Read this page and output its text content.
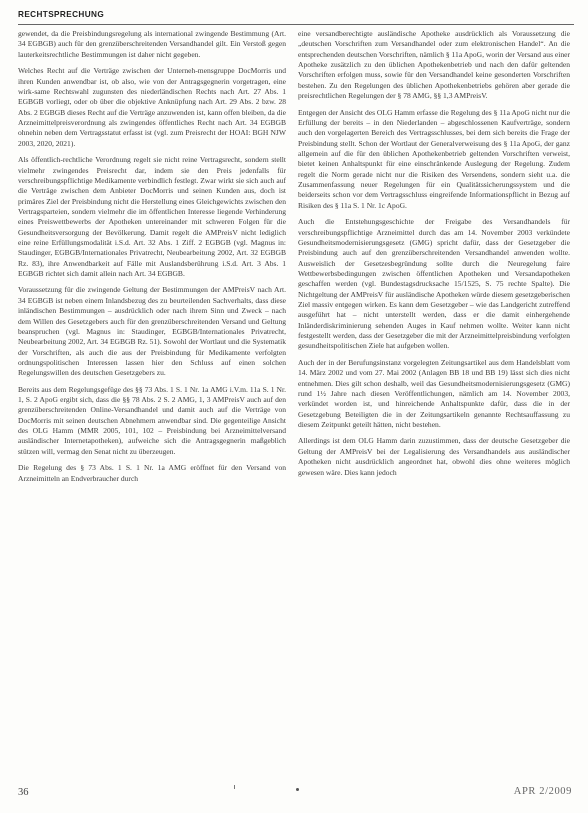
RECHTSPRECHUNG

gewendet, da die Preisbindungsregelung als international zwingende Bestimmung (Art. 34 EGBGB) auch für den grenzüberschreitenden Versandhandel gilt. Ein Verstoß gegen lauterkeitsrechtliche Bestimmungen ist daher nicht gegeben.

Welches Recht auf die Verträge zwischen der Unterneh-mensgruppe DocMorris und ihren Kunden anwendbar ist, ob also, wie von der Antragsgegnerin vorgetragen, eine wirk-same Rechtswahl zugunsten des niederländischen Rechts nach Art. 27 Abs. 1 EGBGB vorliegt, oder ob über die objektive Anknüpfung nach Art. 29 Abs. 2 bzw. 28 Abs. 2 EGBGB dieses Recht auf die Verträge anzuwenden ist, kann offen bleiben, da die Arzneimittelpreisverordnung als zwingendes öffentliches Recht nach Art. 34 EGBGB ohnehin neben dem Vertragsstatut erfasst ist (vgl. zum Preisrecht der HOAI: BGH NJW 2003, 2020, 2021).

Als öffentlich-rechtliche Verordnung regelt sie nicht reine Vertragsrecht, sondern stellt vielmehr zwingendes Preisrecht dar, indem sie den Preis jedenfalls für verschreibungspflichtige Medikamente verbindlich festlegt. Zwar wirkt sie sich auch auf die Verträge zwischen dem Anbieter DocMorris und seinen Kunden aus, doch ist primäres Ziel der Preisbindung nicht die Herstellung eines Gleichgewichts zwischen den Vertragsparteien, sondern vielmehr die im öffentlichen Interesse liegende Verhinderung eines Preiswettbewerbs der Apotheken untereinander mit schweren Folgen für die Gesundheitsversorgung der Bevölkerung. Damit regelt die AMPreisV nicht lediglich eine reine Erfüllungsmodalität i.S.d. Art. 32 Abs. 1 Ziff. 2 EGBGB (vgl. Magnus in: Staudinger, EGBGB/Internationales Privatrecht, Neubearbeitung 2002, Art. 32 EGBGB Rz. 83), ihre Anwendbarkeit auf Fälle mit Auslandsberührung i.S.d. Art. 3 Abs. 1 EGBGB richtet sich damit allein nach Art. 34 EGBGB.

Voraussetzung für die zwingende Geltung der Bestimmungen der AMPreisV nach Art. 34 EGBGB ist neben einem Inlandsbezug des zu beurteilenden Sachverhalts, dass diese inländischen Bestimmungen – ausdrücklich oder nach ihrem Sinn und Zweck – nach dem Willen des Gesetzgebers auch für den grenzüberschreitenden Versand und Geltung beanspruchen (vgl. Magnus in: Staudinger, EGBGB/Internationales Privatrecht, Neubearbeitung 2002, Art. 34 EGBGB Rz. 51). Sowohl der Wortlaut und die Systematik der Vorschriften, als auch die aus der Preisbindung für Medikamente verfolgten ordnungspolitischen Interessen lassen hier den Schluss auf einen solchen Regelungswillen des deutschen Gesetzgebers zu.

Bereits aus dem Regelungsgefüge des §§ 73 Abs. 1 S. 1 Nr. 1a AMG i.V.m. 11a S. 1 Nr. 1, S. 2 ApoG ergibt sich, dass die §§ 78 Abs. 2 S. 2 AMG, 1, 3 AMPreisV auch auf den grenzüberschreitenden Online-Versandhandel und damit auch auf die Verträge von DocMorris mit seinen deutschen Abnehmern anwendbar sind. Die gegenteilige Ansicht des OLG Hamm (MMR 2005, 101, 102 – Preisbindung bei Arzneimittelversand ausländischer Internetapotheken), aufweiche sich die Antragsgegnerin maßgeblich stützen will, vermag den Senat nicht zu überzeugen.

Die Regelung des § 73 Abs. 1 S. 1 Nr. 1a AMG eröffnet für den Versand von Arzneimitteln an Endverbraucher durch

eine versandberechtigte ausländische Apotheke ausdrücklich als Voraussetzung die „deutschen Vorschriften zum Versandhandel oder zum elektronischen Handel“. An die entsprechenden deutschen Vorschriften, nämlich § 11a ApoG, worin der Versand aus einer Apotheke zusätzlich zu den üblichen Apothekenbetrieb und nach den dafür geltenden Vorschriften erfolgen muss, sowie für den Versandhandel keine gesonderten Vorschriften bestehen. Zu den Regelungen des üblichen Apothekenbetriebs gehören aber gerade die preisrechtlichen Regelungen der § 78 AMG, §§ 1,3 AMPreisV.

Entgegen der Ansicht des OLG Hamm erfasse die Regelung des § 11a ApoG nicht nur die Erfüllung der bereits – in den Niederlanden – abgeschlossenen Kaufverträge, sondern auch den vorgelagerten Bereich des Vertragsschlusses, bei dem sich bereits die Frage der Preisbindung stellt. Schon der Wortlaut der Generalverweisung des § 11a ApoG, der ganz allgemein auf die für den üblichen Apothekenbetrieb geltenden Vorschriften verweist, bietet keinen Anhaltspunkt für eine einschränkende Auslegung der Regelung. Zudem regelt die Norm gerade nicht nur die Risiken des Versendens, sondern sieht u.a. die Zusammenfassung neuer Regelungen für ein Qualitätssicherungssystem und die beiderseits schon vor dem Vertragsschluss eingreifende Informationspflicht in Bezug auf Risiken des § 11a S. 1 Nr. 1c ApoG.

Auch die Entstehungsgeschichte der Freigabe des Versandhandels für verschreibungspflichtige Arzneimittel durch das am 14. November 2003 verkündete Gesundheitsmodernisierungsgesetz (GMG) spricht dafür, dass der Gesetzgeber die Preisbindung auch auf den grenzüberschreitenden Versandhandel anwenden wollte. Ausweislich der Gesetzesbegründung sollte durch die Neuregelung faire Wettbewerbsbedingungen zwischen öffentlichen Apotheken und Versandapotheken geschaffen werden (vgl. Bundestagsdrucksache 15/1525, S. 75 rechte Spalte). Die Nichtgeltung der AMPreisV für ausländische Apotheken würde diesem gesetzgeberischen Ziel massiv entgegen wirken. Es kann dem Gesetzgeber – wie das Landgericht zutreffend ausgeführt hat – nicht unterstellt werden, dass er die damit einhergehende Inländerdiskriminierung sehenden Auges in Kauf nehmen wollte. Weiter kann nicht festgestellt werden, dass der Gesetzgeber die mit der Arzneimittelpreisbindung verfolgten gesundheitspolitischen Ziele hat aufgeben wollen.

Auch der in der Berufungsinstanz vorgelegten Zeitungsartikel aus dem Handelsblatt vom 14. März 2002 und vom 27. Mai 2002 (Anlagen BB 18 und BB 19) lässt sich dies nicht entnehmen. Dies gilt schon deshalb, weil das Gesundheitsmodernisierungsgesetz (GMG) rund 1½ Jahre nach diesen Veröffentlichungen, nämlich am 14. November 2003, verkündet worden ist, und hinreichende Anhaltspunkte dafür, dass die in der Gesetzgebung Beteiligten die in der Zeitungsartikeln genannte Rechtsauffassung zu diesem Zeitpunkt geteilt hätten, nicht bestehen.

Allerdings ist dem OLG Hamm darin zuzustimmen, dass der deutsche Gesetzgeber die Geltung der AMPreisV bei der Legalisierung des Versandhandels aus ausländischer Apotheken nicht ausdrücklich angeordnet hat, obwohl dies ohne weiteres möglich gewesen wäre. Dies kann jedoch

36	APR 2/2009
